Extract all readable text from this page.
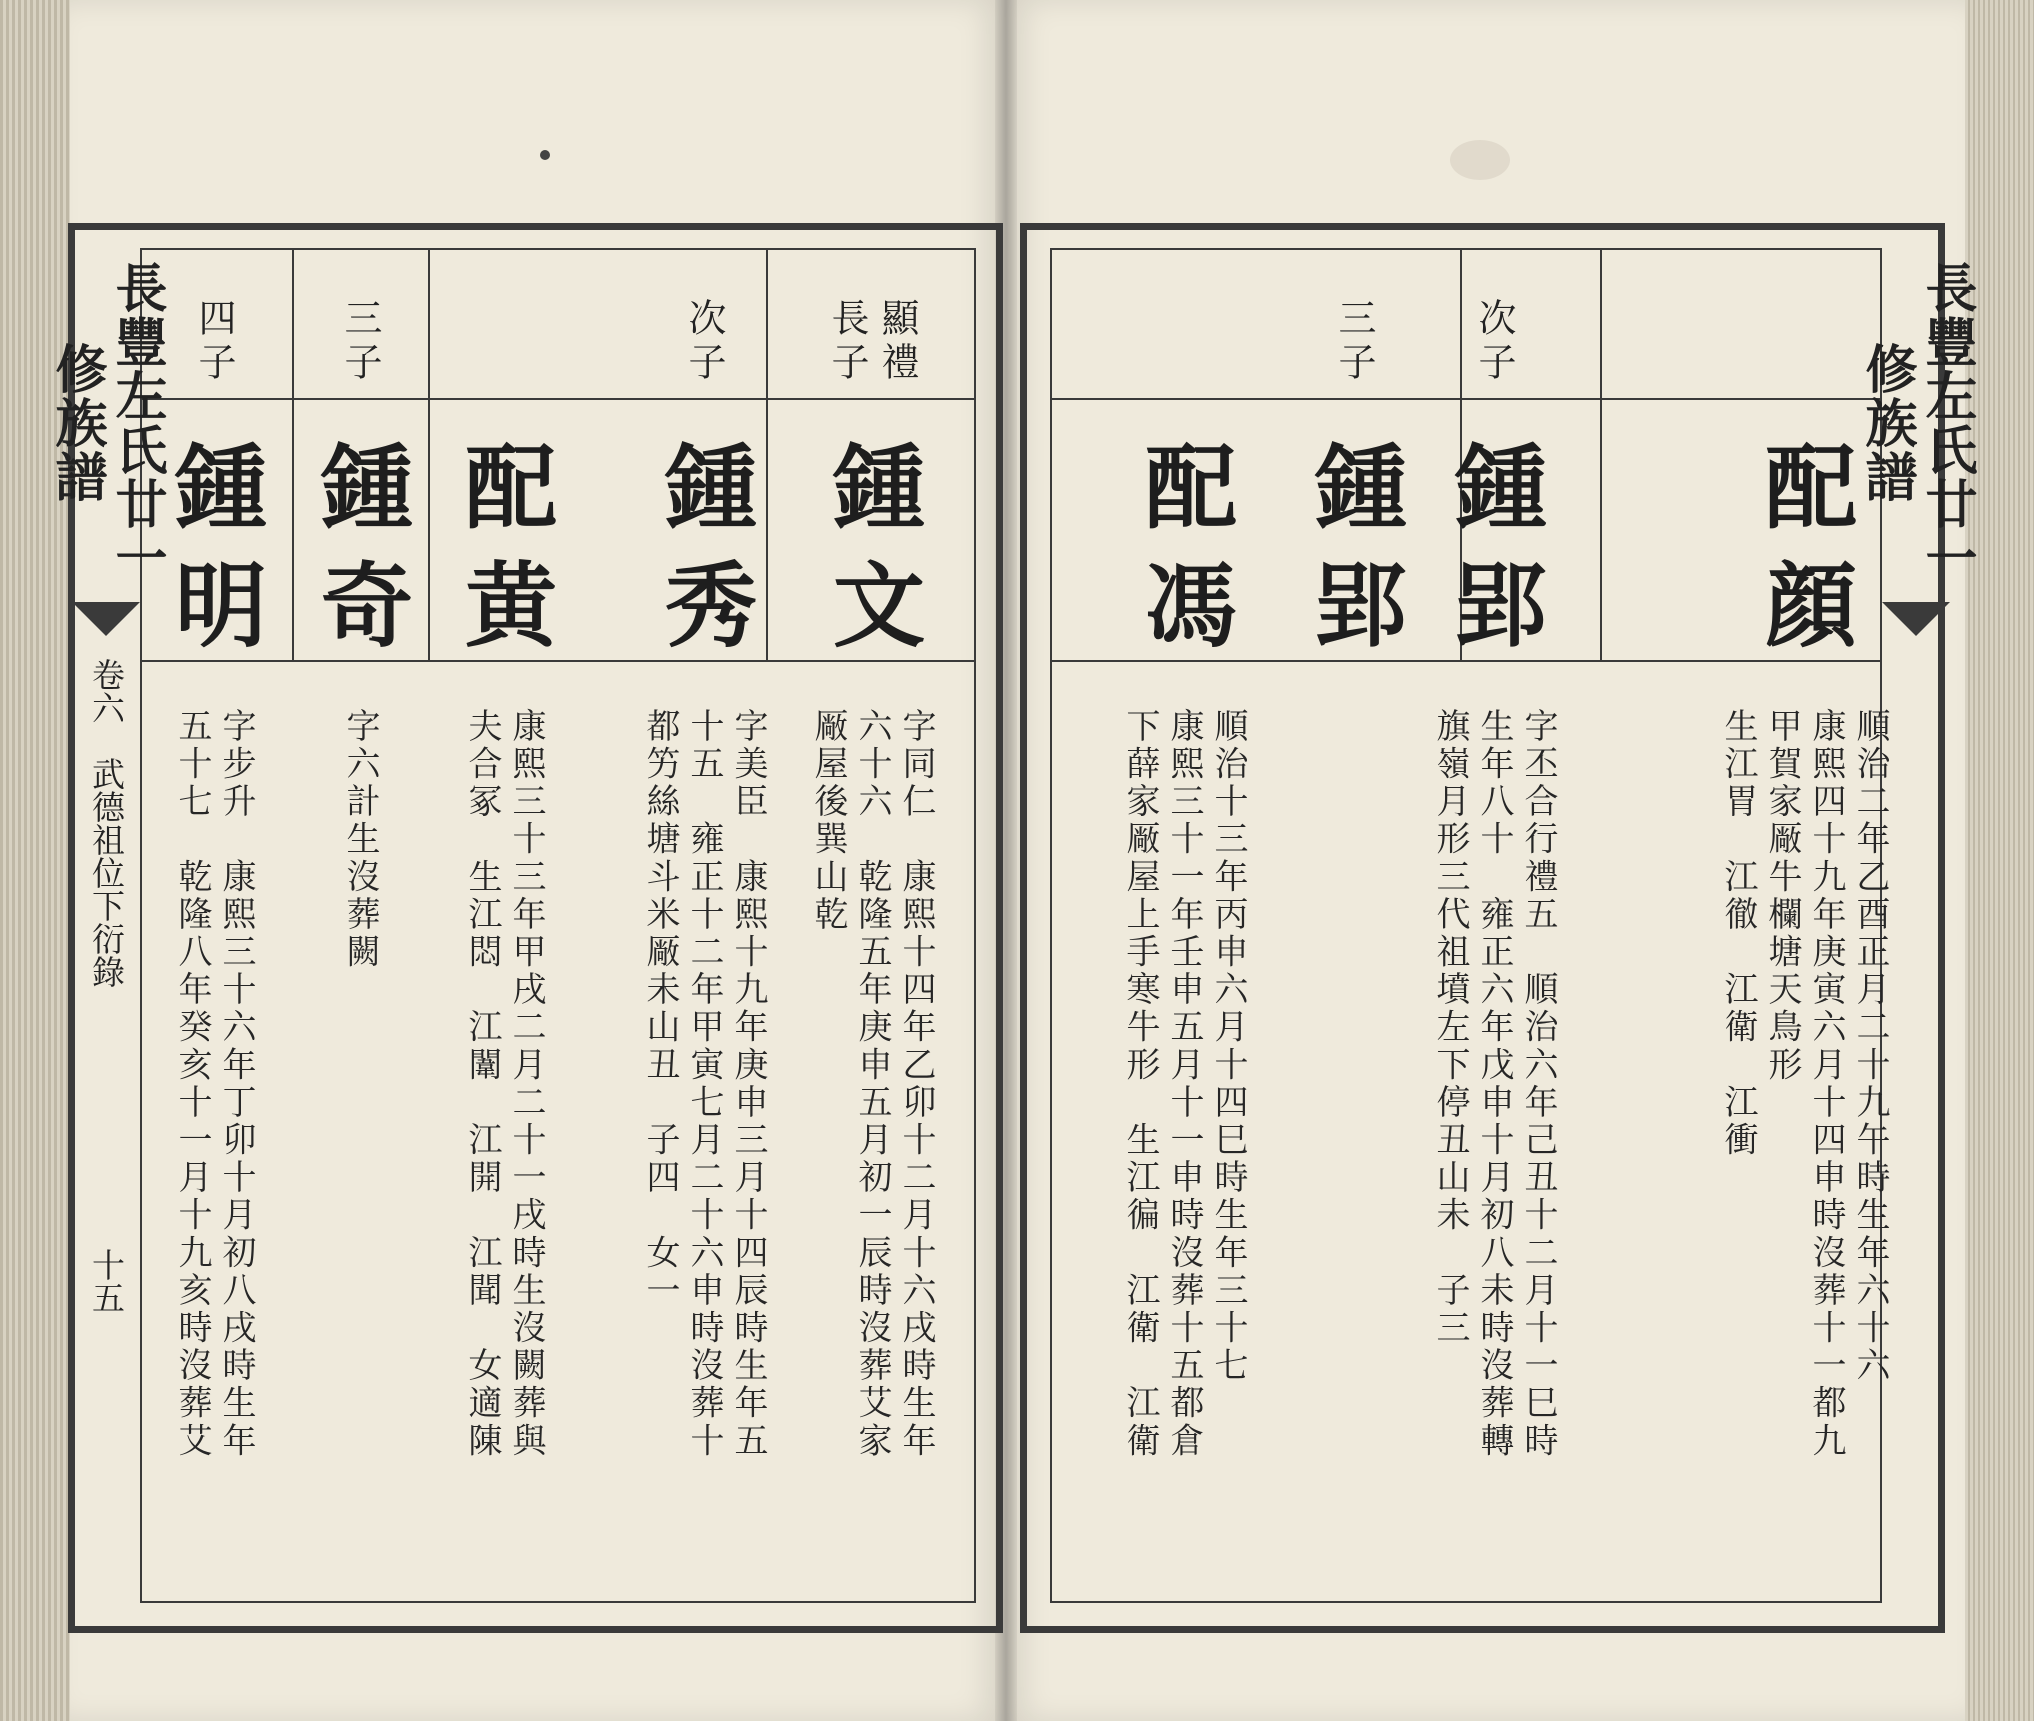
長豐左氏廿一修族譜
卷六　武德祖位下衍錄
十五
顯禮
長子
鍾文
字同仁　康熙十四年乙卯十二月十六戌時生年
六十六　乾隆五年庚申五月初一辰時沒葬艾家
厰屋後巽山乾
次子
鍾秀
字美臣　康熙十九年庚申三月十四辰時生年五
十五　雍正十二年甲寅七月二十六申時沒葬十
都竻絲塘斗米厰未山丑　子四　女一
配黄
康熙三十三年甲戌二月二十一戌時生沒闕葬與
夫合冢　生江悶　江闈　江開　江聞　女適陳
三子
鍾奇
字六計生沒葬闕
四子
鍾明
字步升　康熙三十六年丁卯十月初八戌時生年
五十七　乾隆八年癸亥十一月十九亥時沒葬艾
長豐左氏廿一修族譜
配顔
順治二年乙酉正月二十九午時生年六十六
康熙四十九年庚寅六月十四申時沒葬十一都九
甲賀家厰牛欄塘天鳥形
生江胃　江徹　江衛　江衝
次子
鍾郢
字丕合行禮五　順治六年己丑十二月十一巳時
生年八十　雍正六年戊申十月初八未時沒葬轉
旗嶺月形三代祖墳左下停丑山未　子三
三子
鍾郢
配馮
順治十三年丙申六月十四巳時生年三十七
康熙三十一年壬申五月十一申時沒葬十五都倉
下薛家厰屋上手寒牛形　生江徧　江衛　江衛
